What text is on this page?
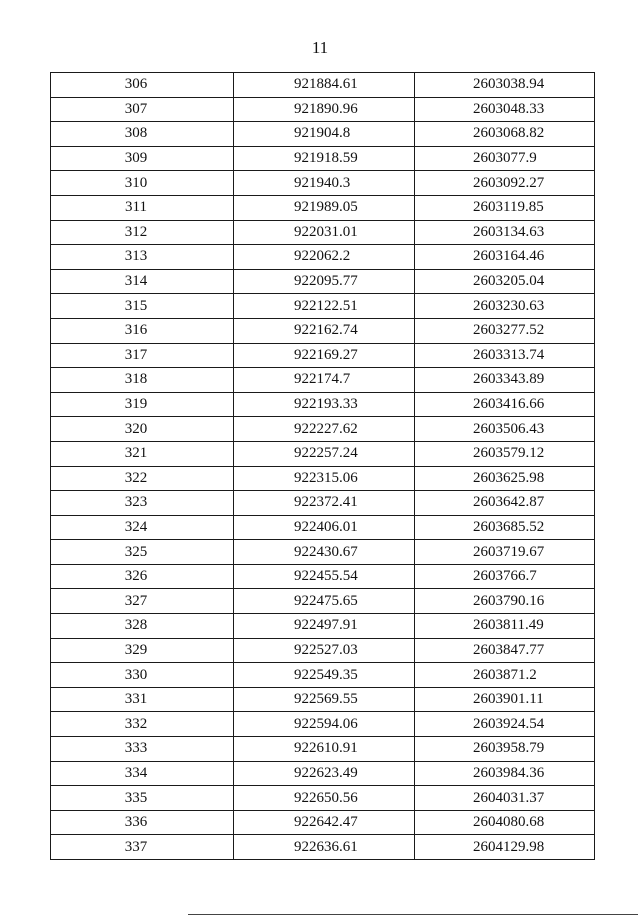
11
306	921884.61	2603038.94
307	921890.96	2603048.33
308	921904.8	2603068.82
309	921918.59	2603077.9
310	921940.3	2603092.27
311	921989.05	2603119.85
312	922031.01	2603134.63
313	922062.2	2603164.46
314	922095.77	2603205.04
315	922122.51	2603230.63
316	922162.74	2603277.52
317	922169.27	2603313.74
318	922174.7	2603343.89
319	922193.33	2603416.66
320	922227.62	2603506.43
321	922257.24	2603579.12
322	922315.06	2603625.98
323	922372.41	2603642.87
324	922406.01	2603685.52
325	922430.67	2603719.67
326	922455.54	2603766.7
327	922475.65	2603790.16
328	922497.91	2603811.49
329	922527.03	2603847.77
330	922549.35	2603871.2
331	922569.55	2603901.11
332	922594.06	2603924.54
333	922610.91	2603958.79
334	922623.49	2603984.36
335	922650.56	2604031.37
336	922642.47	2604080.68
337	922636.61	2604129.98
